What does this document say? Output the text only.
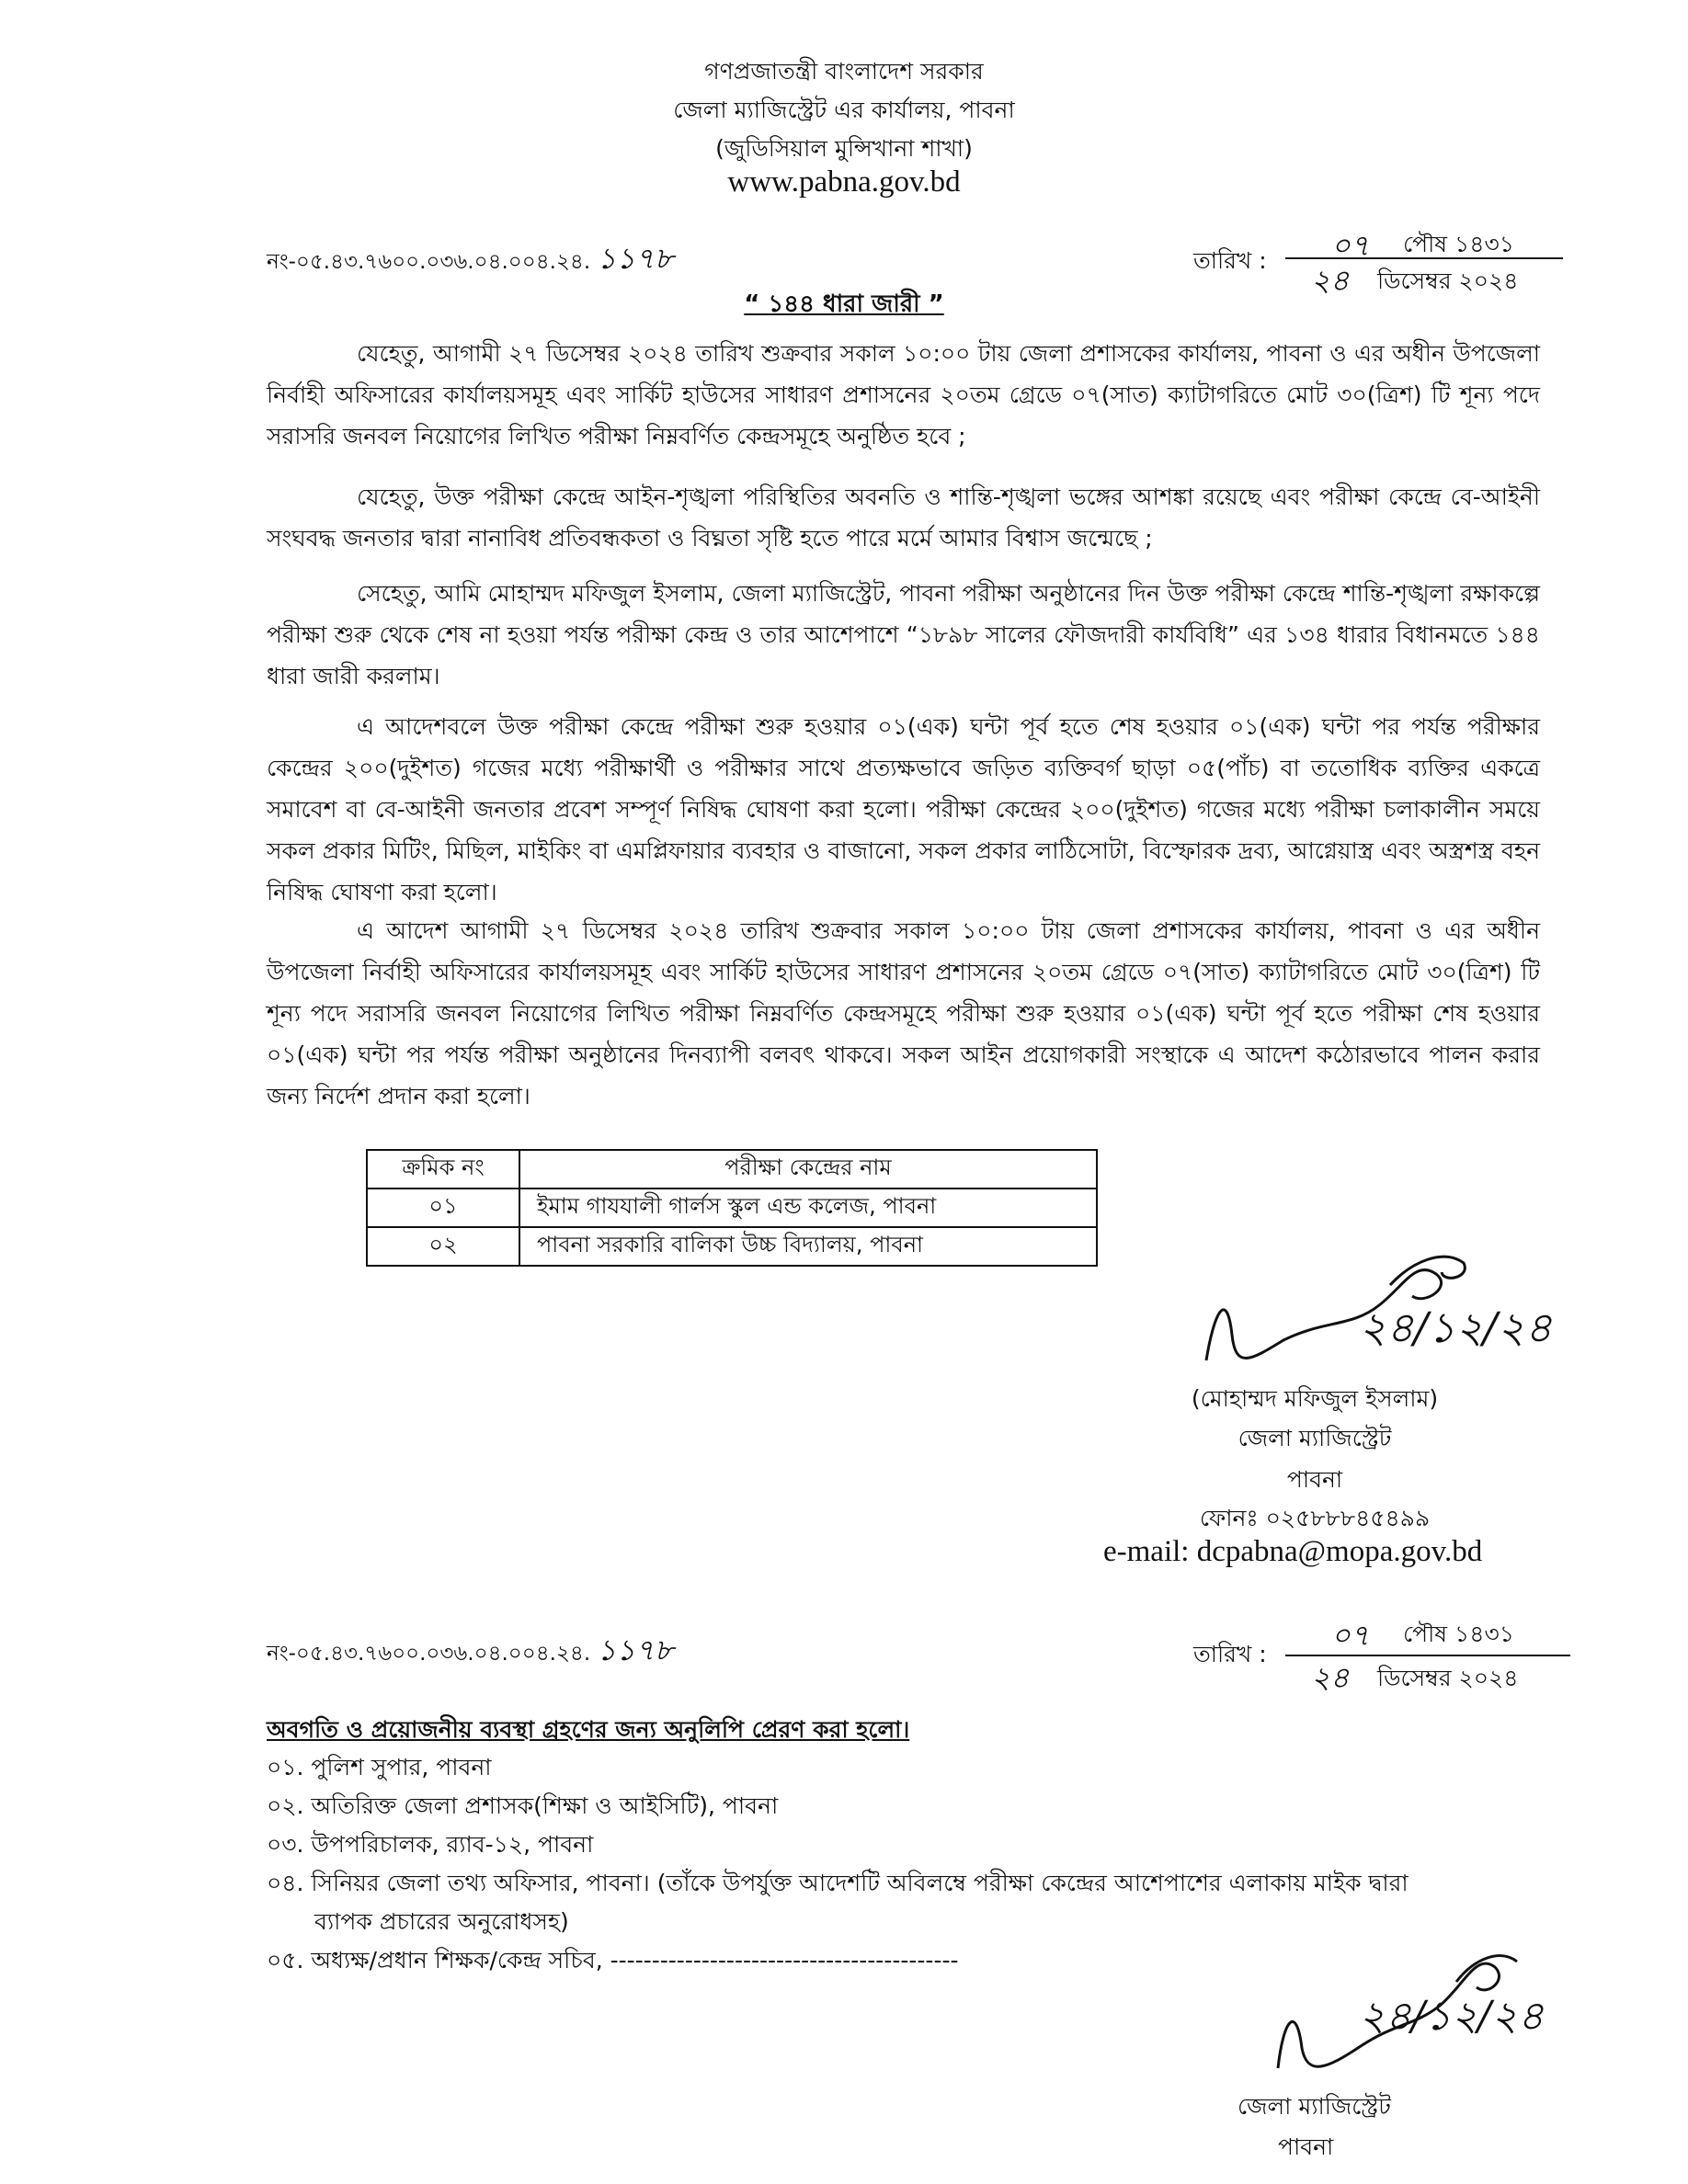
গণপ্রজাতন্ত্রী বাংলাদেশ সরকার
জেলা ম্যাজিস্ট্রেট এর কার্যালয়, পাবনা
(জুডিসিয়াল মুন্সিখানা শাখা)
www.pabna.gov.bd
নং-০৫.৪৩.৭৬০০.০৩৬.০৪.০০৪.২৪. ১১৭৮	তারিখ : ০৭ পৌষ ১৪৩১
২৪ ডিসেম্বর ২০২৪
“ ১৪৪ ধারা জারী ”

যেহেতু, আগামী ২৭ ডিসেম্বর ২০২৪ তারিখ শুক্রবার সকাল ১০:০০ টায় জেলা প্রশাসকের কার্যালয়, পাবনা ও এর অধীন উপজেলা নির্বাহী অফিসারের কার্যালয়সমূহ এবং সার্কিট হাউসের সাধারণ প্রশাসনের ২০তম গ্রেডে ০৭(সাত) ক্যাটাগরিতে মোট ৩০(ত্রিশ) টি শূন্য পদে সরাসরি জনবল নিয়োগের লিখিত পরীক্ষা নিম্নবর্ণিত কেন্দ্রসমূহে অনুষ্ঠিত হবে ;

যেহেতু, উক্ত পরীক্ষা কেন্দ্রে আইন-শৃঙ্খলা পরিস্থিতির অবনতি ও শান্তি-শৃঙ্খলা ভঙ্গের আশঙ্কা রয়েছে এবং পরীক্ষা কেন্দ্রে বে-আইনী সংঘবদ্ধ জনতার দ্বারা নানাবিধ প্রতিবন্ধকতা ও বিঘ্নতা সৃষ্টি হতে পারে মর্মে আমার বিশ্বাস জন্মেছে ;

সেহেতু, আমি মোহাম্মদ মফিজুল ইসলাম, জেলা ম্যাজিস্ট্রেট, পাবনা পরীক্ষা অনুষ্ঠানের দিন উক্ত পরীক্ষা কেন্দ্রে শান্তি-শৃঙ্খলা রক্ষাকল্পে পরীক্ষা শুরু থেকে শেষ না হওয়া পর্যন্ত পরীক্ষা কেন্দ্র ও তার আশেপাশে “১৮৯৮ সালের ফৌজদারী কার্যবিধি” এর ১৩৪ ধারার বিধানমতে ১৪৪ ধারা জারী করলাম।

এ আদেশবলে উক্ত পরীক্ষা কেন্দ্রে পরীক্ষা শুরু হওয়ার ০১(এক) ঘন্টা পূর্ব হতে শেষ হওয়ার ০১(এক) ঘন্টা পর পর্যন্ত পরীক্ষার কেন্দ্রের ২০০(দুইশত) গজের মধ্যে পরীক্ষার্থী ও পরীক্ষার সাথে প্রত্যক্ষভাবে জড়িত ব্যক্তিবর্গ ছাড়া ০৫(পাঁচ) বা ততোধিক ব্যক্তির একত্রে সমাবেশ বা বে-আইনী জনতার প্রবেশ সম্পূর্ণ নিষিদ্ধ ঘোষণা করা হলো। পরীক্ষা কেন্দ্রের ২০০(দুইশত) গজের মধ্যে পরীক্ষা চলাকালীন সময়ে সকল প্রকার মিটিং, মিছিল, মাইকিং বা এমপ্লিফায়ার ব্যবহার ও বাজানো, সকল প্রকার লাঠিসোটা, বিস্ফোরক দ্রব্য, আগ্নেয়াস্ত্র এবং অস্ত্রশস্ত্র বহন নিষিদ্ধ ঘোষণা করা হলো।

এ আদেশ আগামী ২৭ ডিসেম্বর ২০২৪ তারিখ শুক্রবার সকাল ১০:০০ টায় জেলা প্রশাসকের কার্যালয়, পাবনা ও এর অধীন উপজেলা নির্বাহী অফিসারের কার্যালয়সমূহ এবং সার্কিট হাউসের সাধারণ প্রশাসনের ২০তম গ্রেডে ০৭(সাত) ক্যাটাগরিতে মোট ৩০(ত্রিশ) টি শূন্য পদে সরাসরি জনবল নিয়োগের লিখিত পরীক্ষা নিম্নবর্ণিত কেন্দ্রসমূহে পরীক্ষা শুরু হওয়ার ০১(এক) ঘন্টা পূর্ব হতে পরীক্ষা শেষ হওয়ার ০১(এক) ঘন্টা পর পর্যন্ত পরীক্ষা অনুষ্ঠানের দিনব্যাপী বলবৎ থাকবে। সকল আইন প্রয়োগকারী সংস্থাকে এ আদেশ কঠোরভাবে পালন করার জন্য নির্দেশ প্রদান করা হলো।

ক্রমিক নং	পরীক্ষা কেন্দ্রের নাম
০১	ইমাম গাযযালী গার্লস স্কুল এন্ড কলেজ, পাবনা
০২	পাবনা সরকারি বালিকা উচ্চ বিদ্যালয়, পাবনা
২৪/১২/২৪
(মোহাম্মদ মফিজুল ইসলাম)
জেলা ম্যাজিস্ট্রেট
পাবনা
ফোনঃ ০২৫৮৮৮৪৫৪৯৯
e-mail: dcpabna@mopa.gov.bd
নং-০৫.৪৩.৭৬০০.০৩৬.০৪.০০৪.২৪. ১১৭৮	তারিখ :
০৭ পৌষ ১৪৩১
২৪ ডিসেম্বর ২০২৪
অবগতি ও প্রয়োজনীয় ব্যবস্থা গ্রহণের জন্য অনুলিপি প্রেরণ করা হলো।
০১. পুলিশ সুপার, পাবনা
০২. অতিরিক্ত জেলা প্রশাসক(শিক্ষা ও আইসিটি), পাবনা
০৩. উপপরিচালক, র‍্যাব-১২, পাবনা
০৪. সিনিয়র জেলা তথ্য অফিসার, পাবনা। (তাঁকে উপর্যুক্ত আদেশটি অবিলম্বে পরীক্ষা কেন্দ্রের আশেপাশের এলাকায় মাইক দ্বারা
ব্যাপক প্রচারের অনুরোধসহ)
০৫. অধ্যক্ষ/প্রধান শিক্ষক/কেন্দ্র সচিব, ------------------------------------------
২৪/১২/২৪
জেলা ম্যাজিস্ট্রেট
পাবনা
